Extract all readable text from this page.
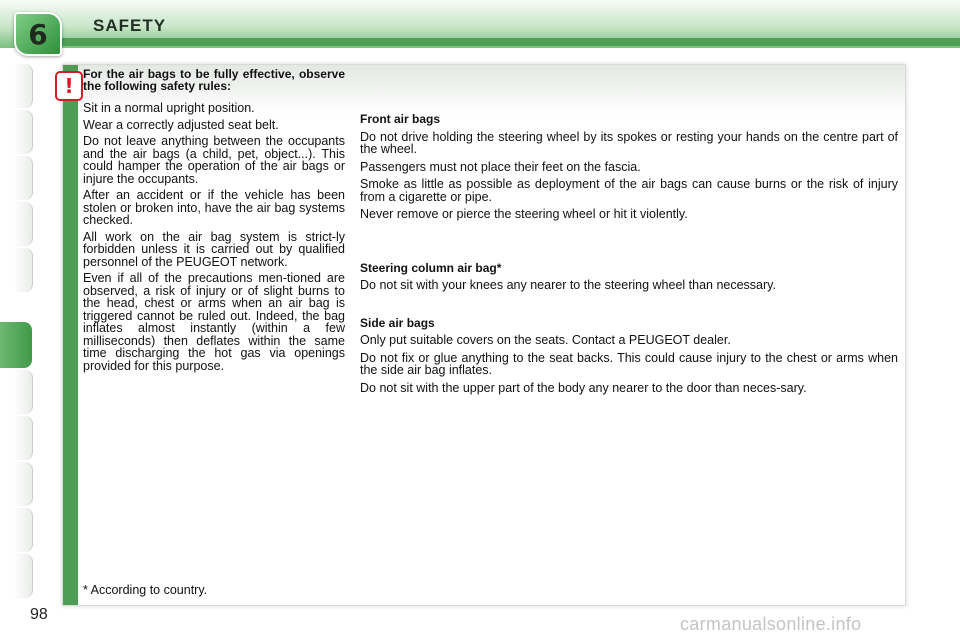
6	SAFETY
! For the air bags to be fully effective, observe the following safety rules:

Sit in a normal upright position.

Wear a correctly adjusted seat belt.

Do not leave anything between the occupants and the air bags (a child, pet, object...). This could hamper the operation of the air bags or injure the occupants.

After an accident or if the vehicle has been stolen or broken into, have the air bag systems checked.

All work on the air bag system is strict-ly forbidden unless it is carried out by qualified personnel of the PEUGEOT network.

Even if all of the precautions men-tioned are observed, a risk of injury or of slight burns to the head, chest or arms when an air bag is triggered cannot be ruled out. Indeed, the bag inflates almost instantly (within a few milliseconds) then deflates within the same time discharging the hot gas via openings provided for this purpose.

Front air bags

Do not drive holding the steering wheel by its spokes or resting your hands on the centre part of the wheel.

Passengers must not place their feet on the fascia.

Smoke as little as possible as deployment of the air bags can cause burns or the risk of injury from a cigarette or pipe.

Never remove or pierce the steering wheel or hit it violently.

Steering column air bag*

Do not sit with your knees any nearer to the steering wheel than necessary.

Side air bags

Only put suitable covers on the seats. Contact a PEUGEOT dealer.

Do not fix or glue anything to the seat backs. This could cause injury to the chest or arms when the side air bag inflates.

Do not sit with the upper part of the body any nearer to the door than neces-sary.

* According to country.
98	carmanualsonline.info
